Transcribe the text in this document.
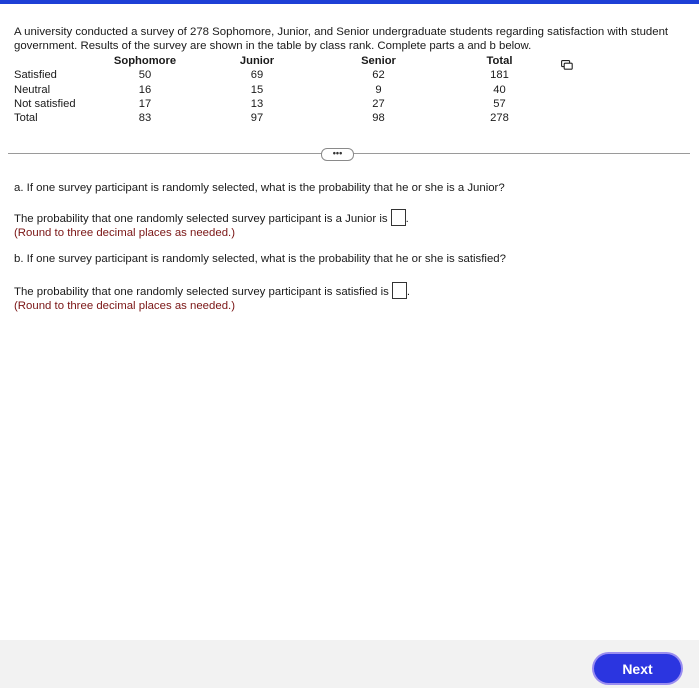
A university conducted a survey of 278 Sophomore, Junior, and Senior undergraduate students regarding satisfaction with student government. Results of the survey are shown in the table by class rank. Complete parts a and b below.
	Sophomore	Junior	Senior	Total
Satisfied	50	69	62	181
Neutral	16	15	9	40
Not satisfied	17	13	27	57
Total	83	97	98	278
•••
a. If one survey participant is randomly selected, what is the probability that he or she is a Junior?
The probability that one randomly selected survey participant is a Junior is .
(Round to three decimal places as needed.)
b. If one survey participant is randomly selected, what is the probability that he or she is satisfied?
The probability that one randomly selected survey participant is satisfied is .
(Round to three decimal places as needed.)
Next
